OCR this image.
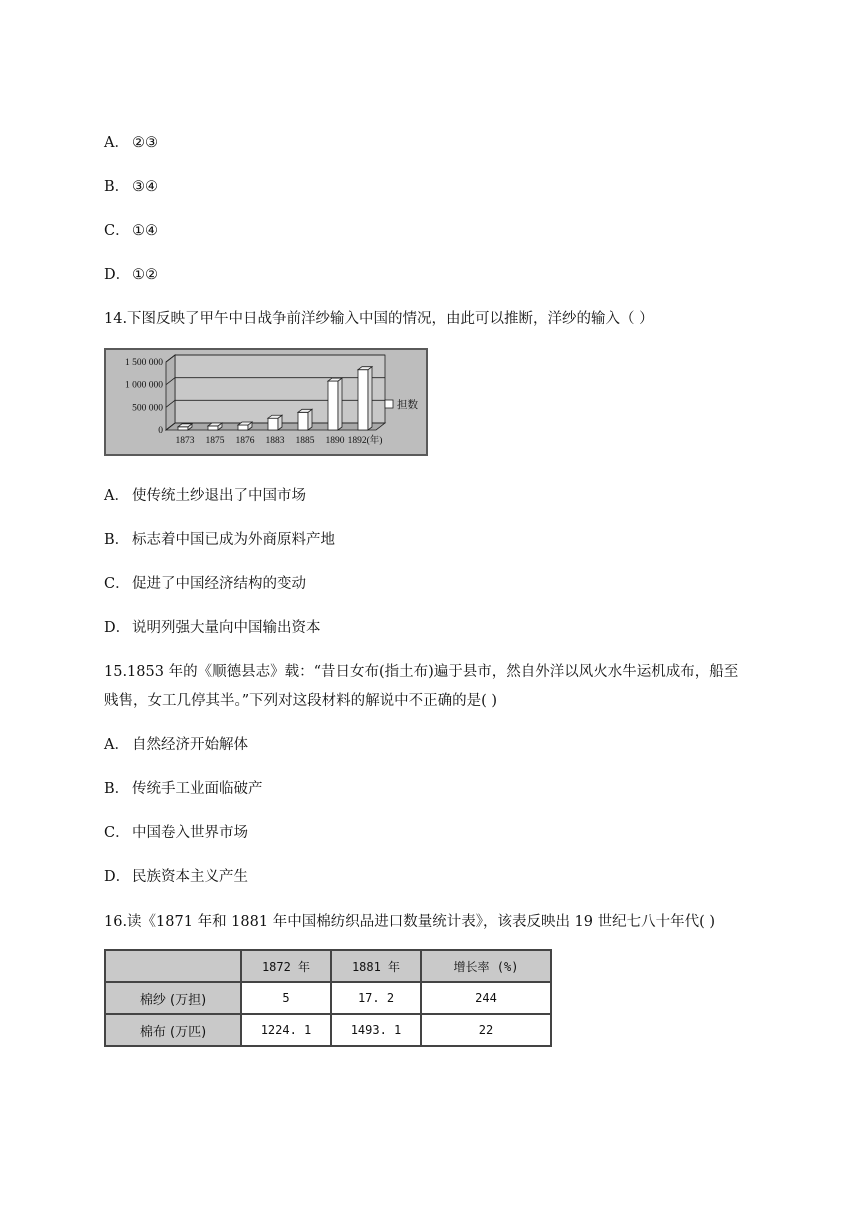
A． ②③
B． ③④
C． ①④
D． ①②
14.下图反映了甲午中日战争前洋纱输入中国的情况，由此可以推断，洋纱的输入（ ）
0
500 000
1 000 000
1 500 000
1873 1875 1876 1883 1885 1890 1892(年)
担数
A． 使传统土纱退出了中国市场
B． 标志着中国已成为外商原料产地
C． 促进了中国经济结构的变动
D． 说明列强大量向中国输出资本
15.1853 年的《顺德县志》载：“昔日女布(指土布)遍于县市，然自外洋以风火水牛运机成布，船至
贱售，女工几停其半。”下列对这段材料的解说中不正确的是( )
A． 自然经济开始解体
B． 传统手工业面临破产
C． 中国卷入世界市场
D． 民族资本主义产生
16.读《1871 年和 1881 年中国棉纺织品进口数量统计表》，该表反映出 19 世纪七八十年代( )
	1872 年	1881 年	增长率 (%)
棉纱 (万担)	5	17. 2	244
棉布 (万匹)	1224. 1	1493. 1	22
